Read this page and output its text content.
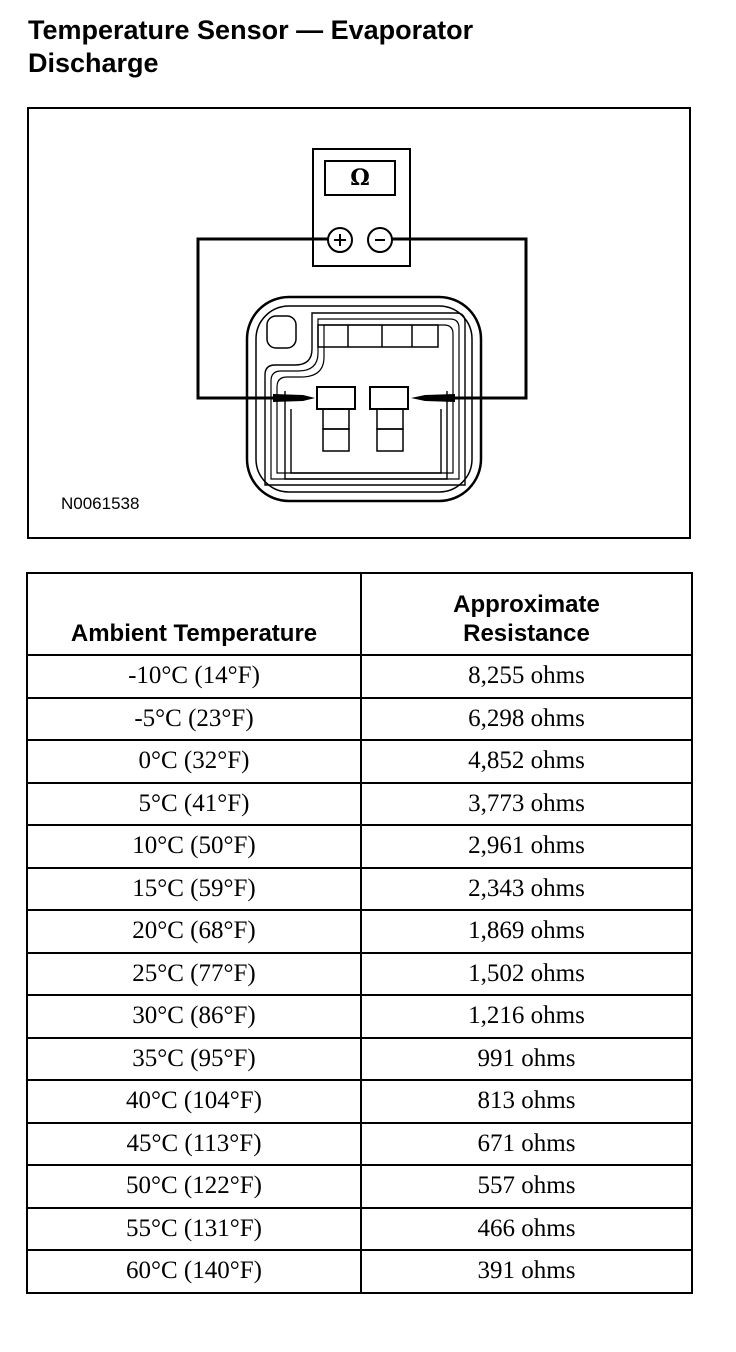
Temperature Sensor — Evaporator
Discharge
Ω
N0061538
Ambient Temperature	Approximate
Resistance
-10°C (14°F)	8,255 ohms
-5°C (23°F)	6,298 ohms
0°C (32°F)	4,852 ohms
5°C (41°F)	3,773 ohms
10°C (50°F)	2,961 ohms
15°C (59°F)	2,343 ohms
20°C (68°F)	1,869 ohms
25°C (77°F)	1,502 ohms
30°C (86°F)	1,216 ohms
35°C (95°F)	991 ohms
40°C (104°F)	813 ohms
45°C (113°F)	671 ohms
50°C (122°F)	557 ohms
55°C (131°F)	466 ohms
60°C (140°F)	391 ohms
